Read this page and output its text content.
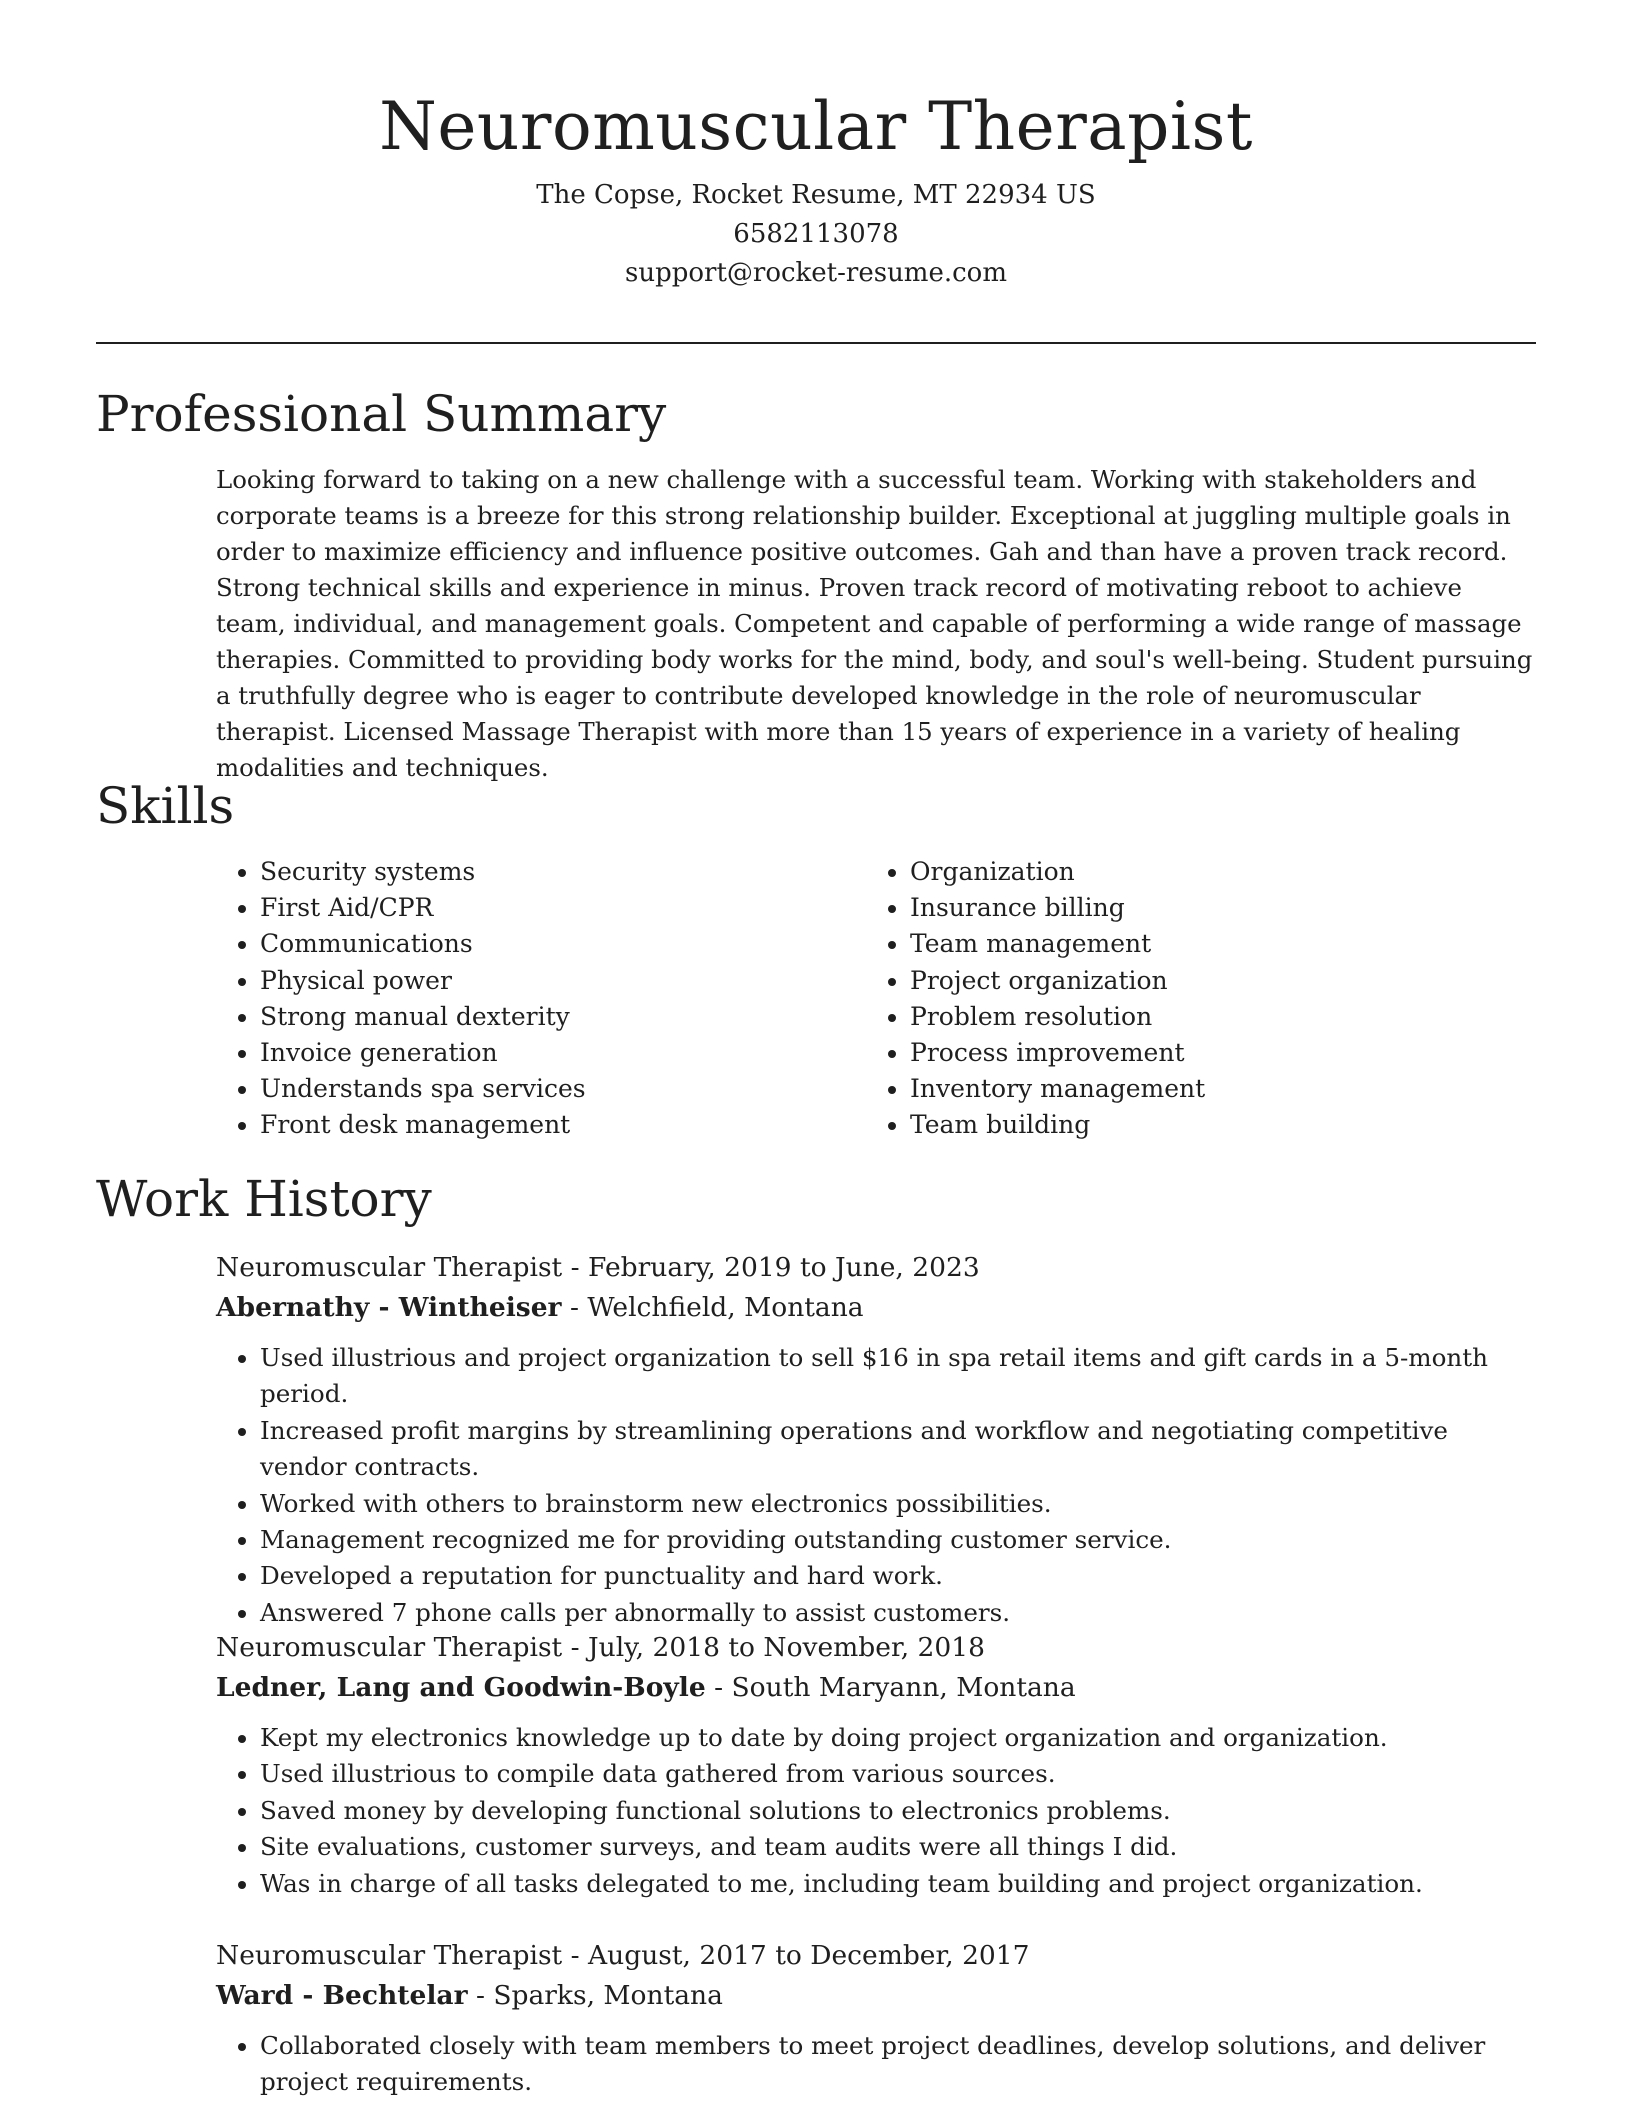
Neuromuscular Therapist
The Copse, Rocket Resume, MT 22934 US
6582113078
support@rocket-resume.com
Professional Summary

Looking forward to taking on a new challenge with a successful team. Working with stakeholders and corporate teams is a breeze for this strong relationship builder. Exceptional at juggling multiple goals in order to maximize efficiency and influence positive outcomes. Gah and than have a proven track record. Strong technical skills and experience in minus. Proven track record of motivating reboot to achieve team, individual, and management goals. Competent and capable of performing a wide range of massage therapies. Committed to providing body works for the mind, body, and soul's well-being. Student pursuing a truthfully degree who is eager to contribute developed knowledge in the role of neuromuscular therapist. Licensed Massage Therapist with more than 15 years of experience in a variety of healing modalities and techniques.

Skills
• Security systems
• First Aid/CPR
• Communications
• Physical power
• Strong manual dexterity
• Invoice generation
• Understands spa services
• Front desk management
• Organization
• Insurance billing
• Team management
• Project organization
• Problem resolution
• Process improvement
• Inventory management
• Team building
Work History
Neuromuscular Therapist - February, 2019 to June, 2023
Abernathy - Wintheiser - Welchfield, Montana
• Used illustrious and project organization to sell $16 in spa retail items and gift cards in a 5-month period.
• Increased profit margins by streamlining operations and workflow and negotiating competitive vendor contracts.
• Worked with others to brainstorm new electronics possibilities.
• Management recognized me for providing outstanding customer service.
• Developed a reputation for punctuality and hard work.
• Answered 7 phone calls per abnormally to assist customers.
Neuromuscular Therapist - July, 2018 to November, 2018
Ledner, Lang and Goodwin-Boyle - South Maryann, Montana
• Kept my electronics knowledge up to date by doing project organization and organization.
• Used illustrious to compile data gathered from various sources.
• Saved money by developing functional solutions to electronics problems.
• Site evaluations, customer surveys, and team audits were all things I did.
• Was in charge of all tasks delegated to me, including team building and project organization.
Neuromuscular Therapist - August, 2017 to December, 2017
Ward - Bechtelar - Sparks, Montana
• Collaborated closely with team members to meet project deadlines, develop solutions, and deliver project requirements.
